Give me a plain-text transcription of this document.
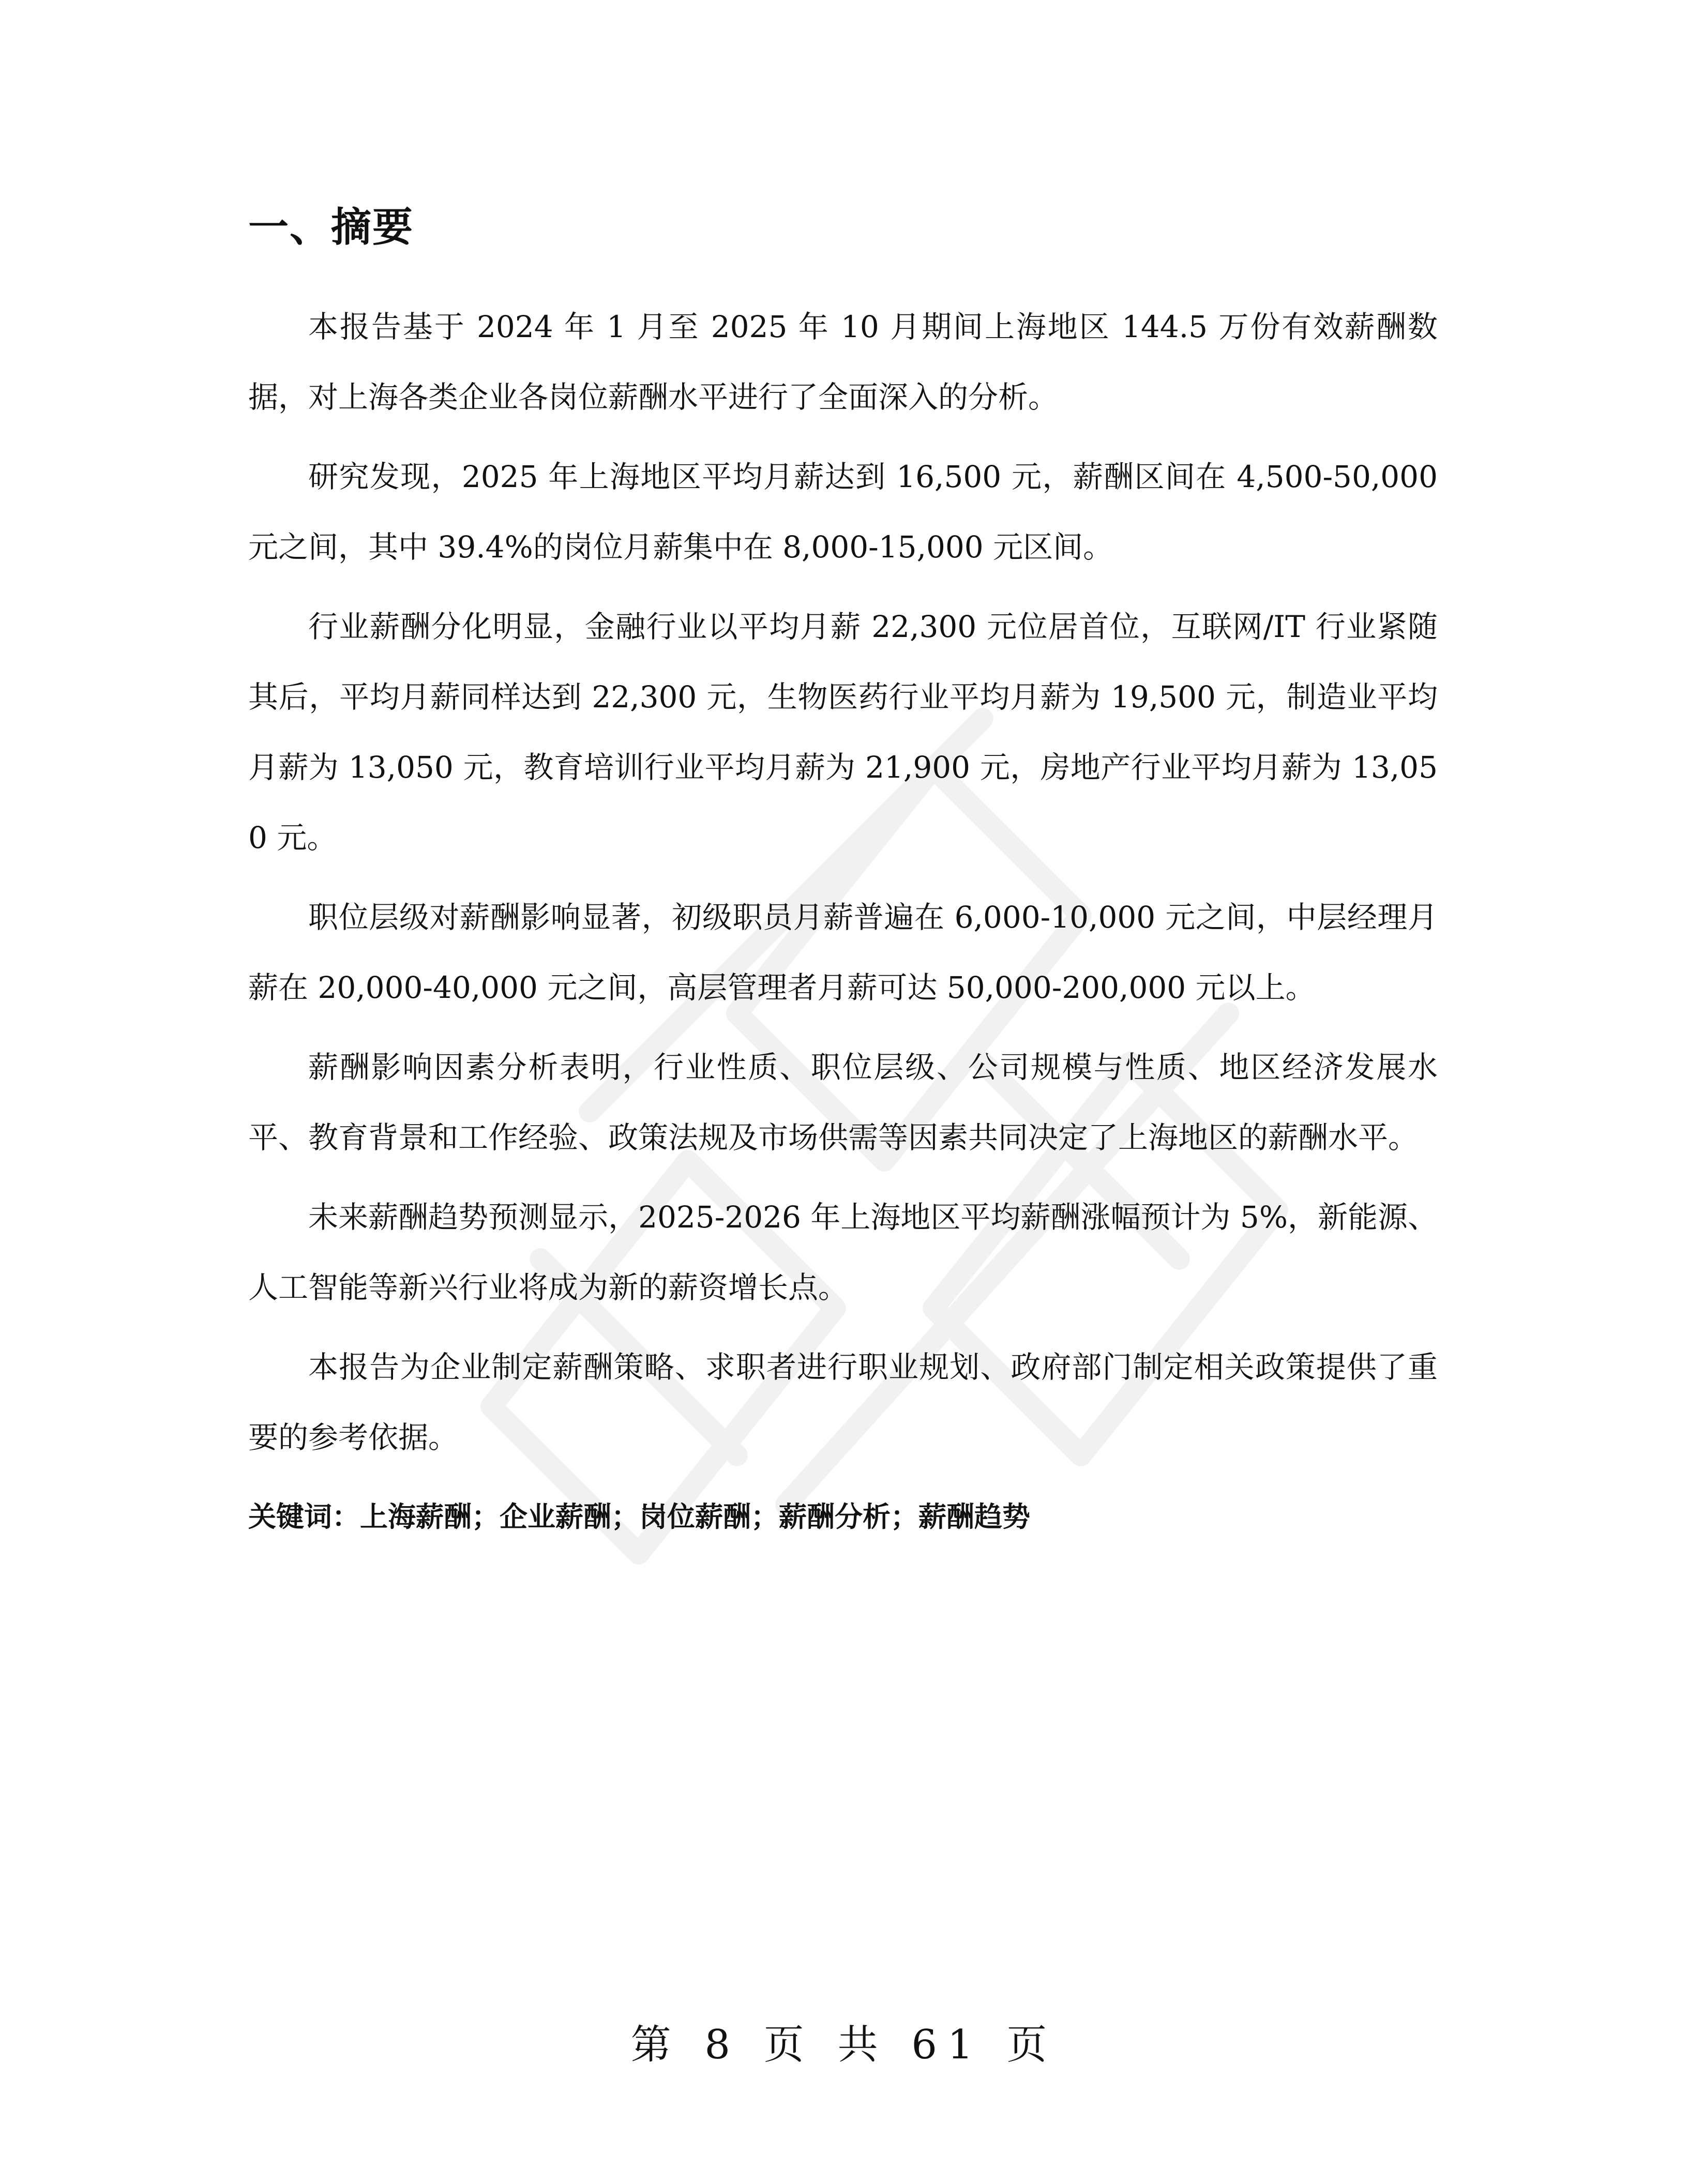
一、摘要

本报告基于 2024 年 1 月至 2025 年 10 月期间上海地区 144.5 万份有效薪酬数据，对上海各类企业各岗位薪酬水平进行了全面深入的分析。

研究发现，2025 年上海地区平均月薪达到 16,500 元，薪酬区间在 4,500-50,000 元之间，其中 39.4%的岗位月薪集中在 8,000-15,000 元区间。

行业薪酬分化明显，金融行业以平均月薪 22,300 元位居首位，互联网/IT 行业紧随其后，平均月薪同样达到 22,300 元，生物医药行业平均月薪为 19,500 元，制造业平均月薪为 13,050 元，教育培训行业平均月薪为 21,900 元，房地产行业平均月薪为 13,050 元。

职位层级对薪酬影响显著，初级职员月薪普遍在 6,000-10,000 元之间，中层经理月薪在 20,000-40,000 元之间，高层管理者月薪可达 50,000-200,000 元以上。

薪酬影响因素分析表明，行业性质、职位层级、公司规模与性质、地区经济发展水平、教育背景和工作经验、政策法规及市场供需等因素共同决定了上海地区的薪酬水平。

未来薪酬趋势预测显示，2025-2026 年上海地区平均薪酬涨幅预计为 5%，新能源、人工智能等新兴行业将成为新的薪资增长点。

本报告为企业制定薪酬策略、求职者进行职业规划、政府部门制定相关政策提供了重要的参考依据。

关键词：上海薪酬；企业薪酬；岗位薪酬；薪酬分析；薪酬趋势
第 8 页 共 61 页
